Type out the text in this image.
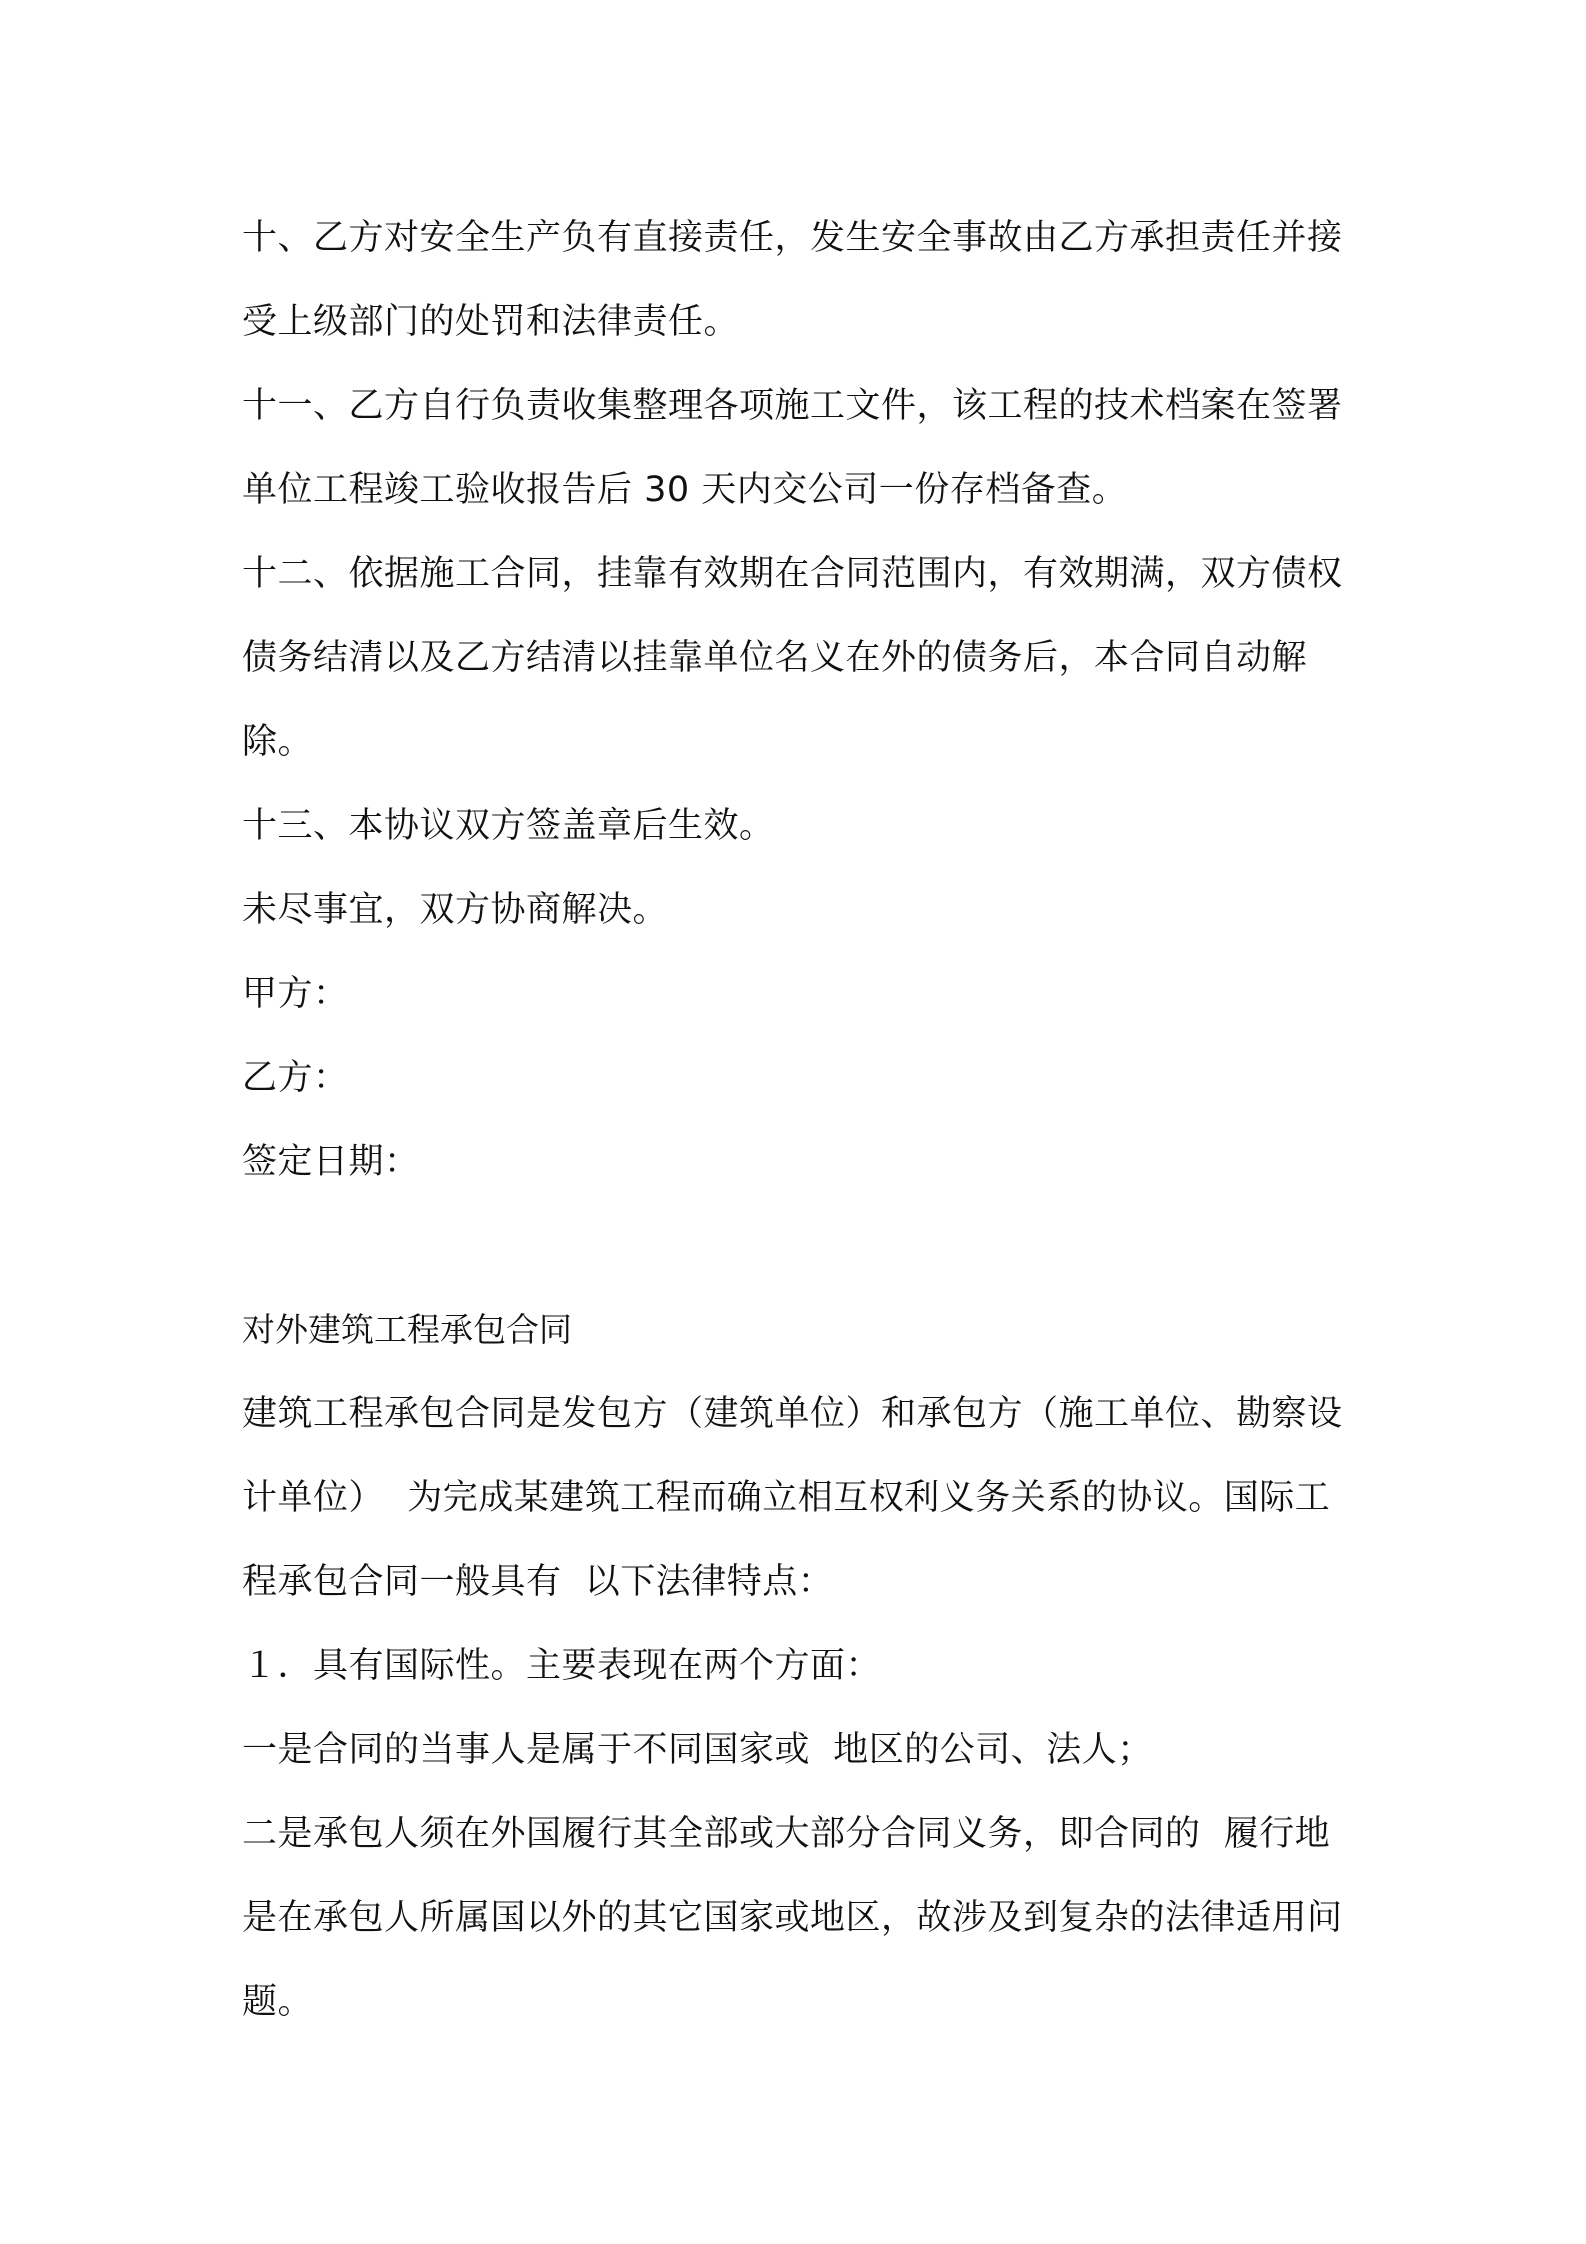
十、乙方对安全生产负有直接责任，发生安全事故由乙方承担责任并接受上级部门的处罚和法律责任。

十一、乙方自行负责收集整理各项施工文件，该工程的技术档案在签署单位工程竣工验收报告后 30 天内交公司一份存档备查。

十二、依据施工合同，挂靠有效期在合同范围内，有效期满，双方债权债务结清以及乙方结清以挂靠单位名义在外的债务后，本合同自动解除。

十三、本协议双方签盖章后生效。

未尽事宜，双方协商解决。

甲方：

乙方：

签定日期：

对外建筑工程承包合同

建筑工程承包合同是发包方（建筑单位）和承包方（施工单位、勘察设计单位）  为完成某建筑工程而确立相互权利义务关系的协议。国际工程承包合同一般具有  以下法律特点：

１．具有国际性。主要表现在两个方面：

一是合同的当事人是属于不同国家或  地区的公司、法人；

二是承包人须在外国履行其全部或大部分合同义务，即合同的  履行地是在承包人所属国以外的其它国家或地区，故涉及到复杂的法律适用问题。
